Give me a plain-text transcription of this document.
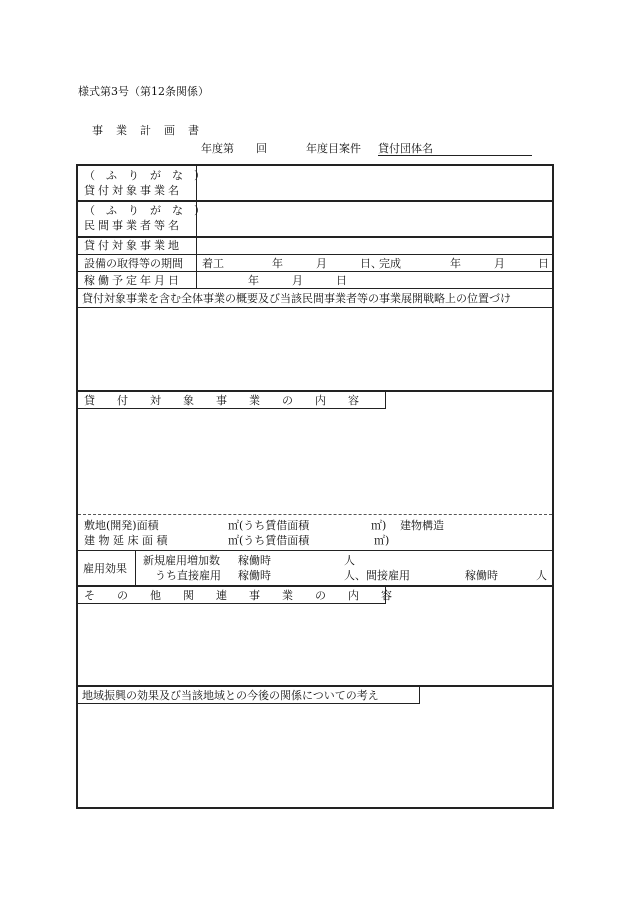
様式第3号（第12条関係）
事　業　計　画　書
年度第　　回	年度目案件 貸付団体名
（　ふ　り　が　な　）
貸付対象事業名
（　ふ　り　が　な　）
民間事業者等名
貸付対象事業地
設備の取得等の期間 着工	年　　　月　　　日、
完成	年　　　月　　　日
稼働予定年月日	年　　　月　　　日
貸付対象事業を含む全体事業の概要及び当該民間事業者等の事業展開戦略上の位置づけ
貸　　付　　対　　象　　事　　業　　の　　内　　容
敷地(開発)面積	㎡(うち賃借面積	㎡) 建物構造
建 物 延 床 面 積	㎡(うち賃借面積	㎡)
雇用効果
新規雇用増加数 稼働時	人
うち直接雇用 稼働時	人、間接雇用	稼働時	人
そ　　の　　他　　関　　連　　事　　業　　の　　内　　容
地域振興の効果及び当該地域との今後の関係についての考え
